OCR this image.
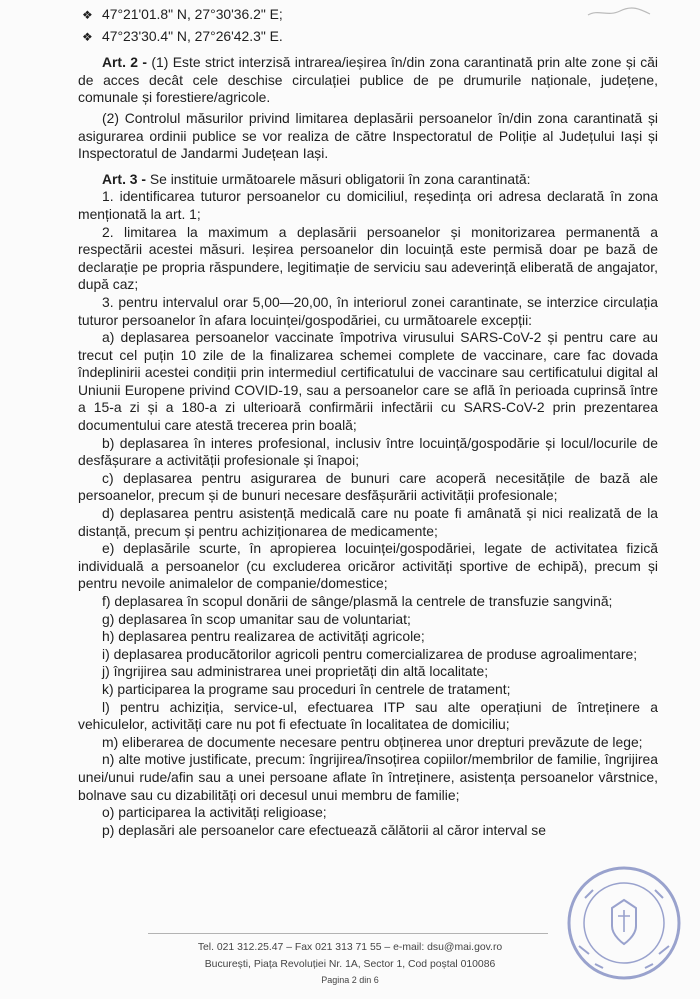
❖ 47°21'01.8" N, 27°30'36.2" E;

❖ 47°23'30.4" N, 27°26'42.3" E.

Art. 2 - (1) Este strict interzisă intrarea/ieșirea în/din zona carantinată prin alte zone și căi de acces decât cele deschise circulației publice de pe drumurile naționale, județene, comunale și forestiere/agricole.

(2) Controlul măsurilor privind limitarea deplasării persoanelor în/din zona carantinată și asigurarea ordinii publice se vor realiza de către Inspectoratul de Poliție al Județului Iași și Inspectoratul de Jandarmi Județean Iași.

Art. 3 - Se instituie următoarele măsuri obligatorii în zona carantinată:

1. identificarea tuturor persoanelor cu domiciliul, reședința ori adresa declarată în zona menționată la art. 1;

2. limitarea la maximum a deplasării persoanelor și monitorizarea permanentă a respectării acestei măsuri. Ieșirea persoanelor din locuință este permisă doar pe bază de declarație pe propria răspundere, legitimație de serviciu sau adeverință eliberată de angajator, după caz;

3. pentru intervalul orar 5,00—20,00, în interiorul zonei carantinate, se interzice circulația tuturor persoanelor în afara locuinței/gospodăriei, cu următoarele excepții:

a) deplasarea persoanelor vaccinate împotriva virusului SARS-CoV-2 și pentru care au trecut cel puțin 10 zile de la finalizarea schemei complete de vaccinare, care fac dovada îndeplinirii acestei condiții prin intermediul certificatului de vaccinare sau certificatului digital al Uniunii Europene privind COVID-19, sau a persoanelor care se află în perioada cuprinsă între a 15-a zi și a 180-a zi ulterioară confirmării infectării cu SARS-CoV-2 prin prezentarea documentului care atestă trecerea prin boală;

b) deplasarea în interes profesional, inclusiv între locuință/gospodărie și locul/locurile de desfășurare a activității profesionale și înapoi;

c) deplasarea pentru asigurarea de bunuri care acoperă necesitățile de bază ale persoanelor, precum și de bunuri necesare desfășurării activității profesionale;

d) deplasarea pentru asistență medicală care nu poate fi amânată și nici realizată de la distanță, precum și pentru achiziționarea de medicamente;

e) deplasările scurte, în apropierea locuinței/gospodăriei, legate de activitatea fizică individuală a persoanelor (cu excluderea oricăror activități sportive de echipă), precum și pentru nevoile animalelor de companie/domestice;

f) deplasarea în scopul donării de sânge/plasmă la centrele de transfuzie sangvină;

g) deplasarea în scop umanitar sau de voluntariat;

h) deplasarea pentru realizarea de activități agricole;

i) deplasarea producătorilor agricoli pentru comercializarea de produse agroalimentare;

j) îngrijirea sau administrarea unei proprietăți din altă localitate;

k) participarea la programe sau proceduri în centrele de tratament;

l) pentru achiziția, service-ul, efectuarea ITP sau alte operațiuni de întreținere a vehiculelor, activități care nu pot fi efectuate în localitatea de domiciliu;

m) eliberarea de documente necesare pentru obținerea unor drepturi prevăzute de lege;

n) alte motive justificate, precum: îngrijirea/însoțirea copiilor/membrilor de familie, îngrijirea unei/unui rude/afin sau a unei persoane aflate în întreținere, asistența persoanelor vârstnice, bolnave sau cu dizabilități ori decesul unui membru de familie;

o) participarea la activități religioase;

p) deplasări ale persoanelor care efectuează călătorii al căror interval se

Tel. 021 312.25.47 – Fax 021 313 71 55 – e-mail: dsu@mai.gov.ro
București, Piața Revoluției Nr. 1A, Sector 1, Cod poștal 010086
Pagina 2 din 6
